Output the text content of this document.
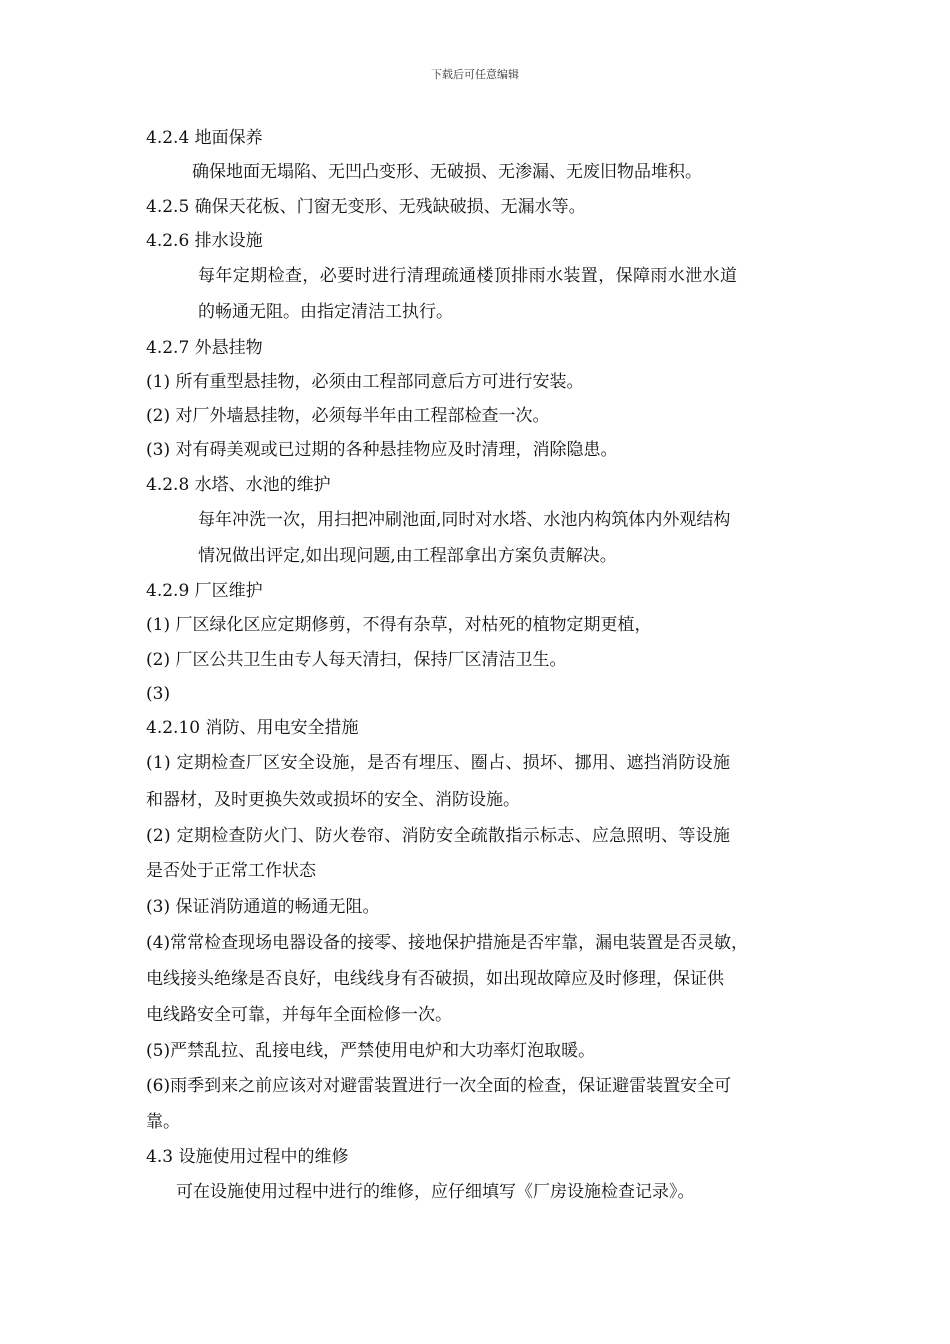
下载后可任意编辑
4.2.4 地面保养
确保地面无塌陷、无凹凸变形、无破损、无渗漏、无废旧物品堆积。
4.2.5 确保天花板、门窗无变形、无残缺破损、无漏水等。
4.2.6 排水设施
每年定期检查，必要时进行清理疏通楼顶排雨水装置，保障雨水泄水道
的畅通无阻。由指定清洁工执行。
4.2.7 外悬挂物
(1) 所有重型悬挂物，必须由工程部同意后方可进行安装。
(2) 对厂外墙悬挂物，必须每半年由工程部检查一次。
(3) 对有碍美观或已过期的各种悬挂物应及时清理，消除隐患。
4.2.8 水塔、水池的维护
每年冲洗一次，用扫把冲刷池面,同时对水塔、水池内构筑体内外观结构
情况做出评定,如出现问题,由工程部拿出方案负责解决。
4.2.9 厂区维护
(1) 厂区绿化区应定期修剪，不得有杂草，对枯死的植物定期更植，
(2) 厂区公共卫生由专人每天清扫，保持厂区清洁卫生。
(3)
4.2.10 消防、用电安全措施
(1) 定期检查厂区安全设施，是否有埋压、圈占、损坏、挪用、遮挡消防设施
和器材，及时更换失效或损坏的安全、消防设施。
(2) 定期检查防火门、防火卷帘、消防安全疏散指示标志、应急照明、等设施
是否处于正常工作状态
(3) 保证消防通道的畅通无阻。
(4)常常检查现场电器设备的接零、接地保护措施是否牢靠，漏电装置是否灵敏，
电线接头绝缘是否良好，电线线身有否破损，如出现故障应及时修理，保证供
电线路安全可靠，并每年全面检修一次。
(5)严禁乱拉、乱接电线，严禁使用电炉和大功率灯泡取暖。
(6)雨季到来之前应该对对避雷装置进行一次全面的检查，保证避雷装置安全可
靠。
4.3 设施使用过程中的维修
可在设施使用过程中进行的维修，应仔细填写《厂房设施检查记录》。
